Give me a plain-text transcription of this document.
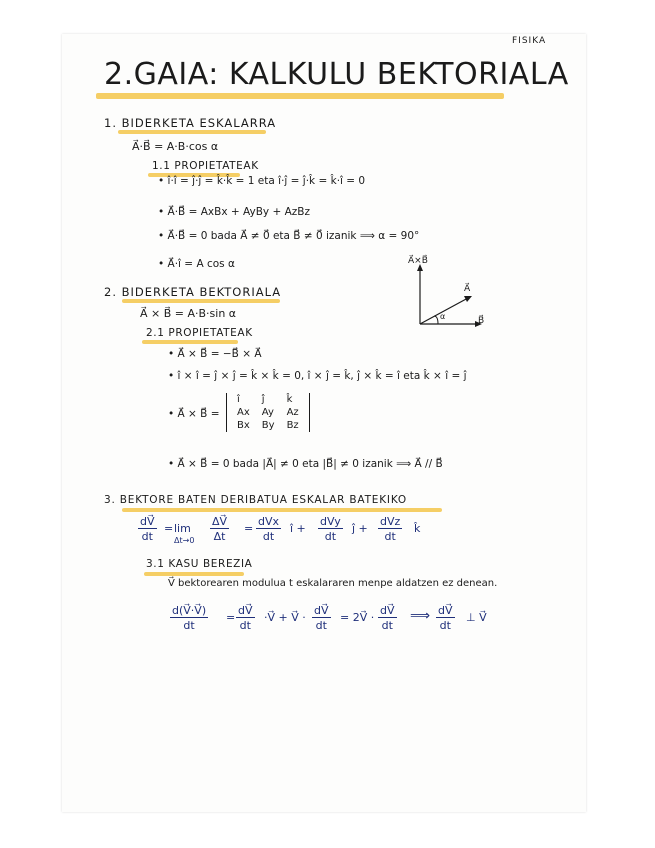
FISIKA
2.GAIA: KALKULU BEKTORIALA
1. BIDERKETA ESKALARRA
A⃗·B⃗ = A·B·cos α
1.1 PROPIETATEAK
• î·î = ĵ·ĵ = k̂·k̂ = 1 eta î·ĵ = ĵ·k̂ = k̂·î = 0
• A⃗·B⃗ = AxBx + AyBy + AzBz
• A⃗·B⃗ = 0 bada A⃗ ≠ 0⃗ eta B⃗ ≠ 0⃗ izanik ⟹ α = 90°
• A⃗·î = A cos α	A⃗×B⃗
A⃗
B⃗
α
2. BIDERKETA BEKTORIALA
A⃗ × B⃗ = A·B·sin α
2.1 PROPIETATEAK
• A⃗ × B⃗ = −B⃗ × A⃗
• î × î = ĵ × ĵ = k̂ × k̂ = 0, î × ĵ = k̂, ĵ × k̂ = î eta k̂ × î = ĵ
• A⃗ × B⃗ =
î	ĵ	k̂
Ax	Ay	Az
Bx	By	Bz
• A⃗ × B⃗ = 0 bada |A⃗| ≠ 0 eta |B⃗| ≠ 0 izanik ⟹ A⃗ // B⃗
3. BEKTORE BATEN DERIBATUA ESKALAR BATEKIKO
$\frac{dV⃗}{dt} = \lim$
$\Delta t\to 0 \frac{\Delta V⃗}{\Delta t}$ =
dVx
dt
î +
dVy
dt
ĵ +
dVz
dt
k̂
3.1 KASU BEREZIA
V⃗ bektorearen modulua t eskalararen menpe aldatzen ez denean.
$\frac{d(V⃗\cdot V⃗)}{dt} = \frac{dV⃗}{dt}$ ·V⃗ + V⃗ · $\frac{dV⃗}{dt}$ = 2V⃗ · $\frac{dV⃗}{dt}$ ⟹ $\frac{dV⃗}{dt}$ ⊥ V⃗
